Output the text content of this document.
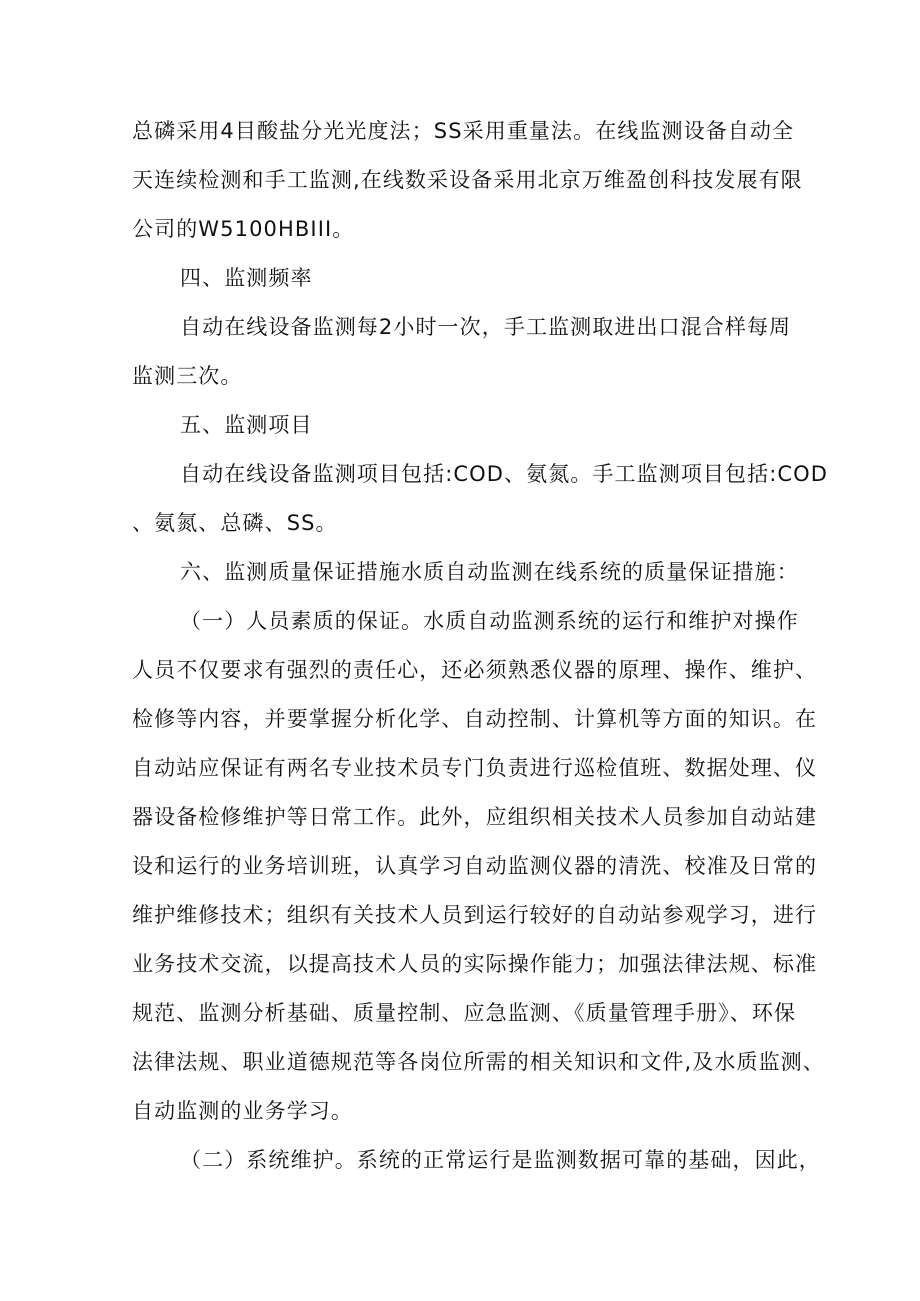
总磷采用4目酸盐分光光度法；SS采用重量法。在线监测设备自动全
天连续检测和手工监测,在线数采设备采用北京万维盈创科技发展有限
公司的W5100HBIII。
四、监测频率
自动在线设备监测每2小时一次，手工监测取进出口混合样每周
监测三次。
五、监测项目
自动在线设备监测项目包括:COD、氨氮。手工监测项目包括:COD
、氨氮、总磷、SS。
六、监测质量保证措施水质自动监测在线系统的质量保证措施：
（一）人员素质的保证。水质自动监测系统的运行和维护对操作
人员不仅要求有强烈的责任心，还必须熟悉仪器的原理、操作、维护、
检修等内容，并要掌握分析化学、自动控制、计算机等方面的知识。在
自动站应保证有两名专业技术员专门负责进行巡检值班、数据处理、仪
器设备检修维护等日常工作。此外，应组织相关技术人员参加自动站建
设和运行的业务培训班，认真学习自动监测仪器的清洗、校准及日常的
维护维修技术；组织有关技术人员到运行较好的自动站参观学习，进行
业务技术交流，以提高技术人员的实际操作能力；加强法律法规、标准
规范、监测分析基础、质量控制、应急监测、《质量管理手册》、环保
法律法规、职业道德规范等各岗位所需的相关知识和文件,及水质监测、
自动监测的业务学习。
（二）系统维护。系统的正常运行是监测数据可靠的基础，因此，
